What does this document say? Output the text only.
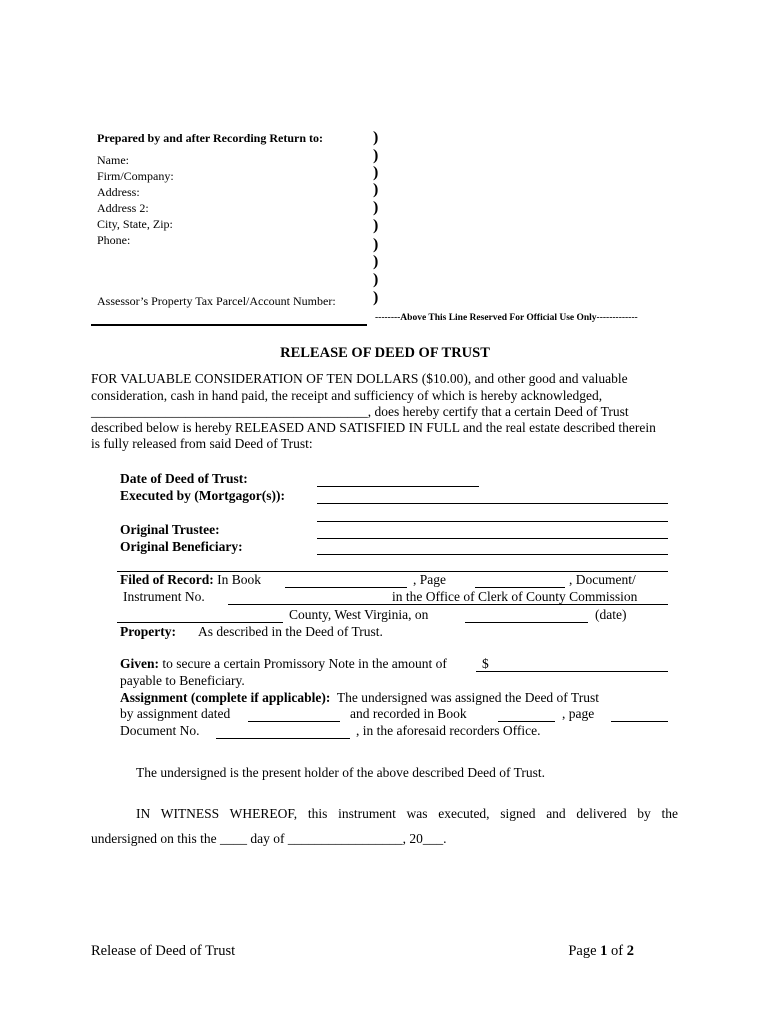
Prepared by and after Recording Return to:
Name:
Firm/Company:
Address:
Address 2:
City, State, Zip:
Phone:
Assessor’s Property Tax Parcel/Account Number:
)
)
)
)
)
)
)
)
)
)
--------Above This Line Reserved For Official Use Only-------------
RELEASE OF DEED OF TRUST
FOR VALUABLE CONSIDERATION OF TEN DOLLARS ($10.00), and other good and valuable
consideration, cash in hand paid, the receipt and sufficiency of which is hereby acknowledged,
_________________________________________, does hereby certify that a certain Deed of Trust
described below is hereby RELEASED AND SATISFIED IN FULL and the real estate described therein
is fully released from said Deed of Trust:
Date of Deed of Trust:
Executed by (Mortgagor(s)):
Original Trustee:
Original Beneficiary:
Filed of Record: In Book	, Page	, Document/
Instrument No.	in the Office of Clerk of County Commission
County, West Virginia, on	(date)
Property: As described in the Deed of Trust.
Given: to secure a certain Promissory Note in the amount of	$
payable to Beneficiary.
Assignment (complete if applicable): The undersigned was assigned the Deed of Trust
by assignment dated	and recorded in Book	, page
Document No.	, in the aforesaid recorders Office.
The undersigned is the present holder of the above described Deed of Trust.
IN WITNESS WHEREOF, this instrument was executed, signed and delivered by the
undersigned on this the ____ day of _________________, 20___.
Release of Deed of Trust	Page 1 of 2
